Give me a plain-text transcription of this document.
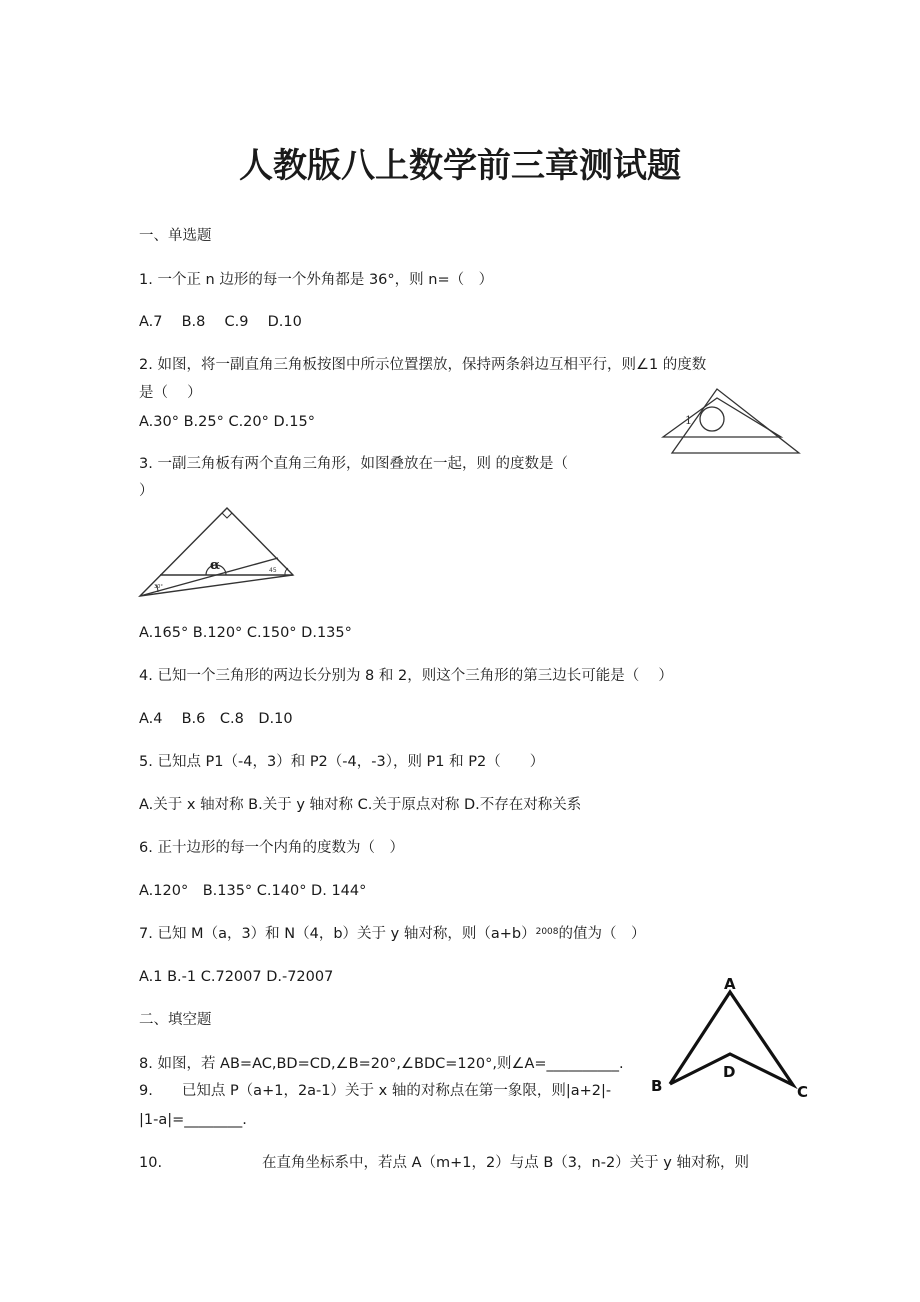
人教版八上数学前三章测试题
一、单选题
1. 一个正 n 边形的每一个外角都是 36°，则 n=（　）
A.7　 B.8　 C.9　 D.10
2. 如图，将一副直角三角板按图中所示位置摆放，保持两条斜边互相平行，则∠1 的度数
是（　 ）
A.30° B.25° C.20° D.15°	1
3. 一副三角板有两个直角三角形，如图叠放在一起，则 的度数是（
）
α	45
30°
A.165° B.120° C.150° D.135°
4. 已知一个三角形的两边长分别为 8 和 2，则这个三角形的第三边长可能是（　 ）
A.4　 B.6　C.8　D.10
5. 已知点 P1（-4，3）和 P2（-4，-3），则 P1 和 P2（　　）
A.关于 x 轴对称 B.关于 y 轴对称 C.关于原点对称 D.不存在对称关系
6. 正十边形的每一个内角的度数为（　）
A.120°　B.135° C.140° D. 144°
7. 已知 M（a，3）和 N（4，b）关于 y 轴对称，则$(a+b)^{2008}$的值为（　）
A.1 B.-1 C.72007 D.-72007
二、填空题
A
B	C
D
8. 如图，若 AB=AC,BD=CD,∠B=20°,∠BDC=120°,则∠A=__________.
9.　　已知点 P（a+1，2a-1）关于 x 轴的对称点在第一象限，则|a+2|-
|1-a|=________.
10.	在直角坐标系中，若点 A（m+1，2）与点 B（3，n-2）关于 y 轴对称，则
